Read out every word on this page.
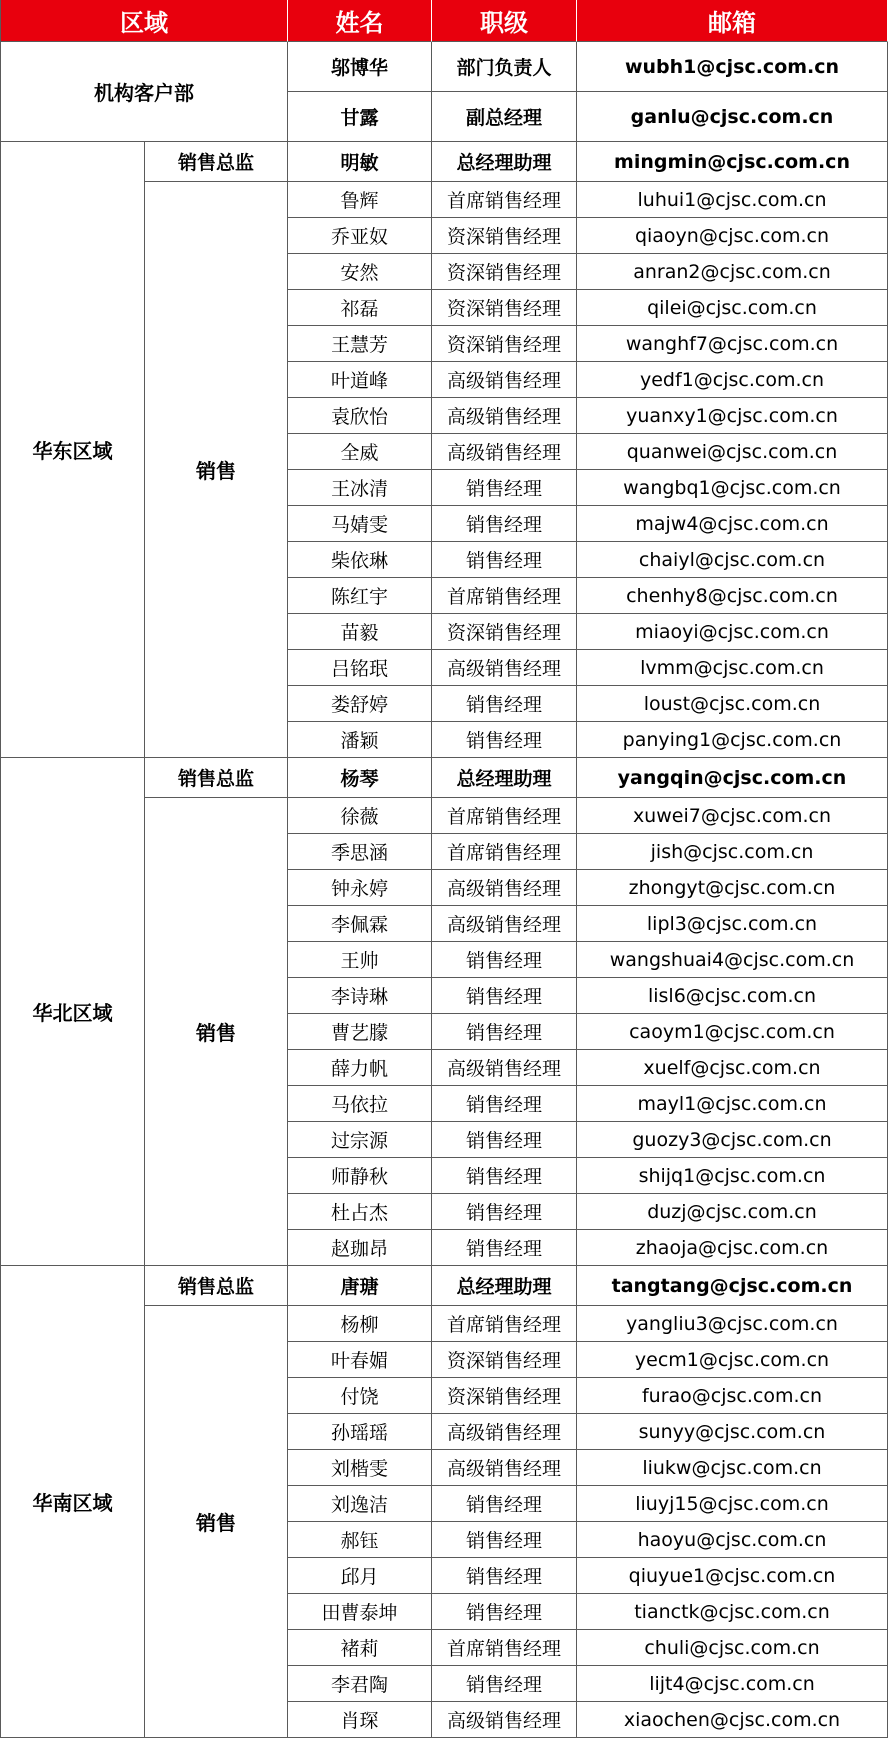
区域	姓名	职级	邮箱
机构客户部
邬博华	部门负责人	wubh1@cjsc.com.cn
甘露	副总经理	ganlu@cjsc.com.cn
华东区域
销售总监	明敏	总经理助理	mingmin@cjsc.com.cn
销售
鲁辉	首席销售经理	luhui1@cjsc.com.cn
乔亚奴	资深销售经理	qiaoyn@cjsc.com.cn
安然	资深销售经理	anran2@cjsc.com.cn
祁磊	资深销售经理	qilei@cjsc.com.cn
王慧芳	资深销售经理	wanghf7@cjsc.com.cn
叶道峰	高级销售经理	yedf1@cjsc.com.cn
袁欣怡	高级销售经理	yuanxy1@cjsc.com.cn
全威	高级销售经理	quanwei@cjsc.com.cn
王冰清	销售经理	wangbq1@cjsc.com.cn
马婧雯	销售经理	majw4@cjsc.com.cn
柴依琳	销售经理	chaiyl@cjsc.com.cn
陈红宇	首席销售经理	chenhy8@cjsc.com.cn
苗毅	资深销售经理	miaoyi@cjsc.com.cn
吕铭珉	高级销售经理	lvmm@cjsc.com.cn
娄舒婷	销售经理	loust@cjsc.com.cn
潘颖	销售经理	panying1@cjsc.com.cn
华北区域
销售总监	杨琴	总经理助理	yangqin@cjsc.com.cn
销售
徐薇	首席销售经理	xuwei7@cjsc.com.cn
季思涵	首席销售经理	jish@cjsc.com.cn
钟永婷	高级销售经理	zhongyt@cjsc.com.cn
李佩霖	高级销售经理	lipl3@cjsc.com.cn
王帅	销售经理	wangshuai4@cjsc.com.cn
李诗琳	销售经理	lisl6@cjsc.com.cn
曹艺朦	销售经理	caoym1@cjsc.com.cn
薛力帆	高级销售经理	xuelf@cjsc.com.cn
马依拉	销售经理	mayl1@cjsc.com.cn
过宗源	销售经理	guozy3@cjsc.com.cn
师静秋	销售经理	shijq1@cjsc.com.cn
杜占杰	销售经理	duzj@cjsc.com.cn
赵珈昂	销售经理	zhaoja@cjsc.com.cn
华南区域
销售总监	唐瑭	总经理助理	tangtang@cjsc.com.cn
销售
杨柳	首席销售经理	yangliu3@cjsc.com.cn
叶春媚	资深销售经理	yecm1@cjsc.com.cn
付饶	资深销售经理	furao@cjsc.com.cn
孙瑶瑶	高级销售经理	sunyy@cjsc.com.cn
刘楷雯	高级销售经理	liukw@cjsc.com.cn
刘逸洁	销售经理	liuyj15@cjsc.com.cn
郝钰	销售经理	haoyu@cjsc.com.cn
邱月	销售经理	qiuyue1@cjsc.com.cn
田曹泰坤	销售经理	tianctk@cjsc.com.cn
褚莉	首席销售经理	chuli@cjsc.com.cn
李君陶	销售经理	lijt4@cjsc.com.cn
肖琛	高级销售经理	xiaochen@cjsc.com.cn
